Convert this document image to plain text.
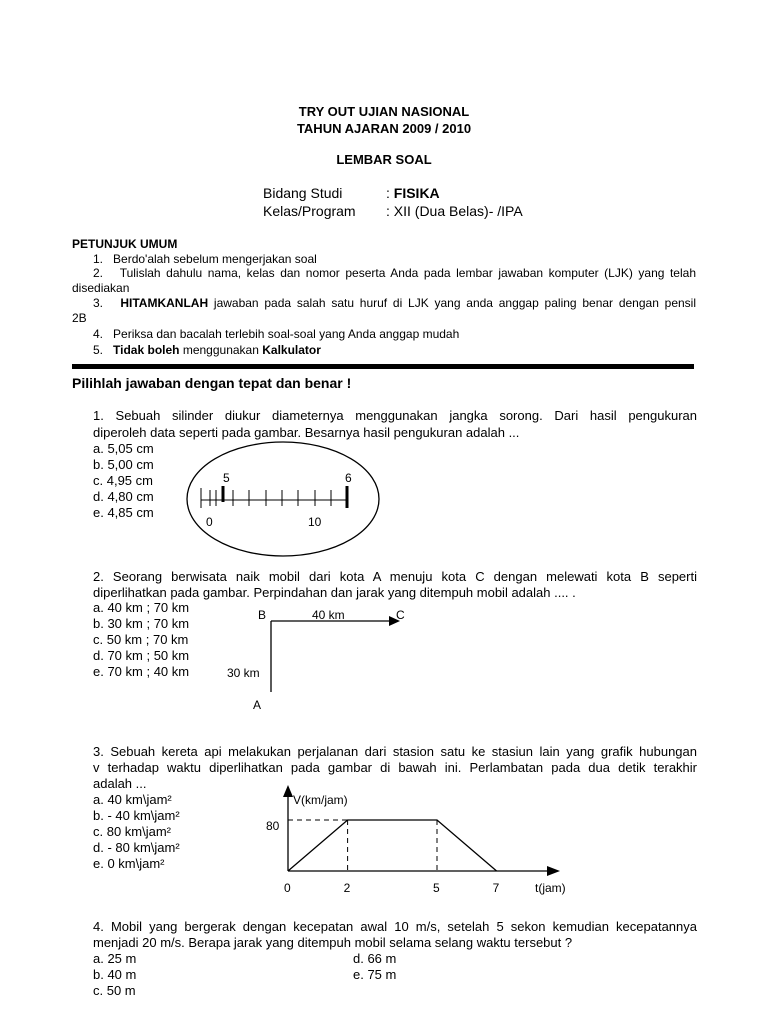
TRY OUT UJIAN NASIONAL
TAHUN AJARAN 2009 / 2010
LEMBAR SOAL
Bidang Studi	: FISIKA
Kelas/Program : XII (Dua Belas)- /IPA
PETUNJUK UMUM
1. Berdo'alah sebelum mengerjakan soal
2. Tulislah dahulu nama, kelas dan nomor peserta Anda pada lembar jawaban komputer (LJK) yang telah
disediakan
3. HITAMKANLAH jawaban pada salah satu huruf di LJK yang anda anggap paling benar dengan pensil
2B
4. Periksa dan bacalah terlebih soal-soal yang Anda anggap mudah
5. Tidak boleh menggunakan Kalkulator
Pilihlah jawaban dengan tepat dan benar !
1. Sebuah silinder diukur diameternya menggunakan jangka sorong. Dari hasil pengukuran
diperoleh data seperti pada gambar. Besarnya hasil pengukuran adalah ...
a. 5,05 cm
b. 5,00 cm
c. 4,95 cm
d. 4,80 cm
e. 4,85 cm
5	6
0	10
2. Seorang berwisata naik mobil dari kota A menuju kota C dengan melewati kota B seperti
diperlihatkan pada gambar. Perpindahan dan jarak yang ditempuh mobil adalah .... .
a. 40 km ; 70 km
b. 30 km ; 70 km
c. 50 km ; 70 km
d. 70 km ; 50 km
e. 70 km ; 40 km
B	C
A
40 km
30 km
3. Sebuah kereta api melakukan perjalanan dari stasion satu ke stasiun lain yang grafik hubungan
v terhadap waktu diperlihatkan pada gambar di bawah ini. Perlambatan pada dua detik terakhir
adalah ...
a. 40 km\jam²
b. - 40 km\jam²
c. 80 km\jam²
d. - 80 km\jam²
e. 0 km\jam²
V(km/jam)
t(jam)
0	2	5	7
80
4. Mobil yang bergerak dengan kecepatan awal 10 m/s, setelah 5 sekon kemudian kecepatannya
menjadi 20 m/s. Berapa jarak yang ditempuh mobil selama selang waktu tersebut ?
a. 25 m
b. 40 m
c. 50 m
d. 66 m
e. 75 m
